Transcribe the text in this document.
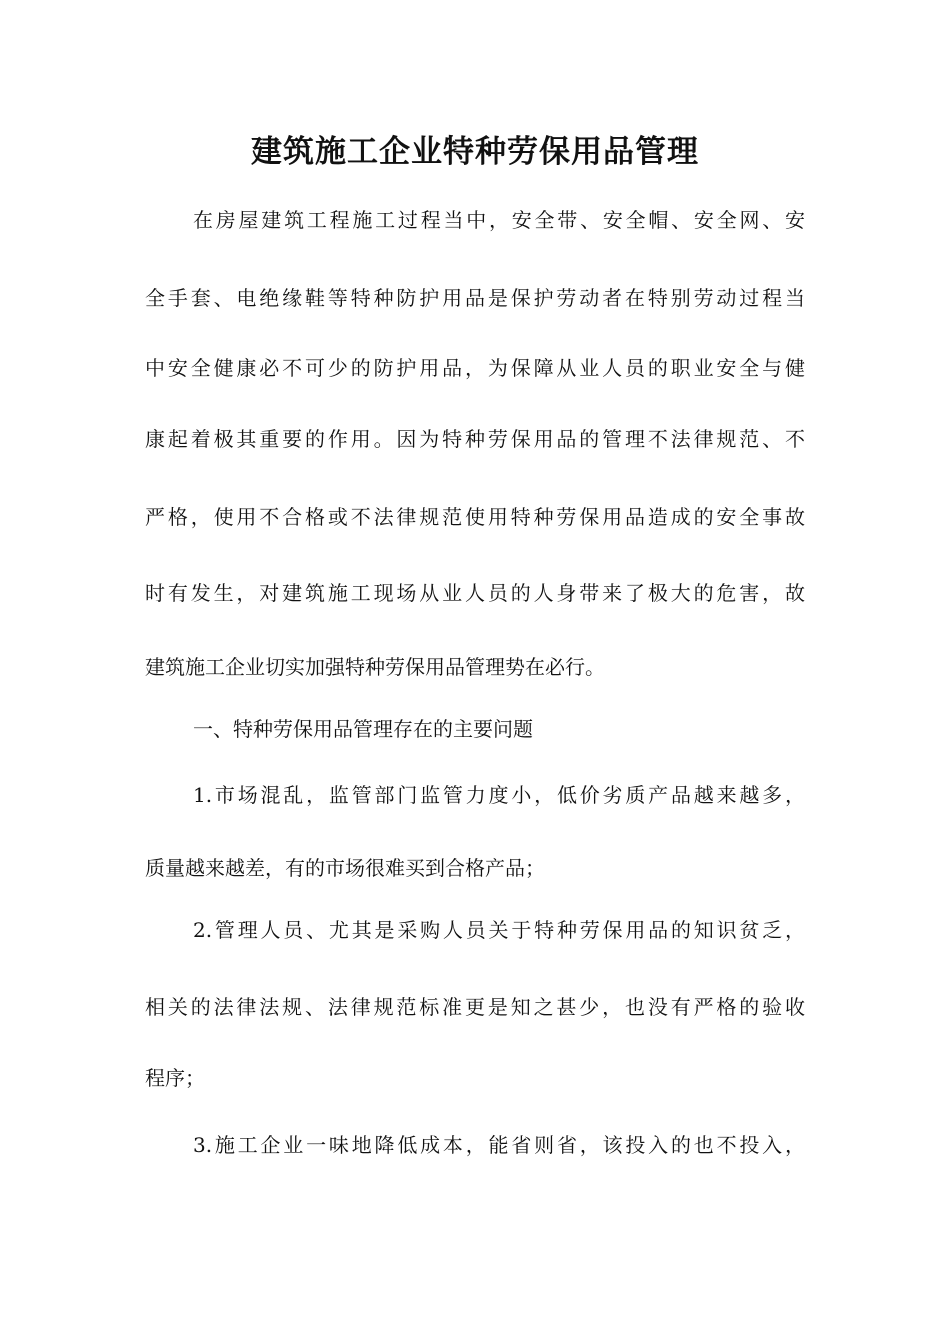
建筑施工企业特种劳保用品管理

在房屋建筑工程施工过程当中，安全带、安全帽、安全网、安

全手套、电绝缘鞋等特种防护用品是保护劳动者在特别劳动过程当

中安全健康必不可少的防护用品，为保障从业人员的职业安全与健

康起着极其重要的作用。因为特种劳保用品的管理不法律规范、不

严格，使用不合格或不法律规范使用特种劳保用品造成的安全事故

时有发生，对建筑施工现场从业人员的人身带来了极大的危害，故

建筑施工企业切实加强特种劳保用品管理势在必行。

一、特种劳保用品管理存在的主要问题

1.市场混乱，监管部门监管力度小，低价劣质产品越来越多，

质量越来越差，有的市场很难买到合格产品；

2.管理人员、尤其是采购人员关于特种劳保用品的知识贫乏，

相关的法律法规、法律规范标准更是知之甚少，也没有严格的验收

程序；

3.施工企业一味地降低成本，能省则省，该投入的也不投入，
